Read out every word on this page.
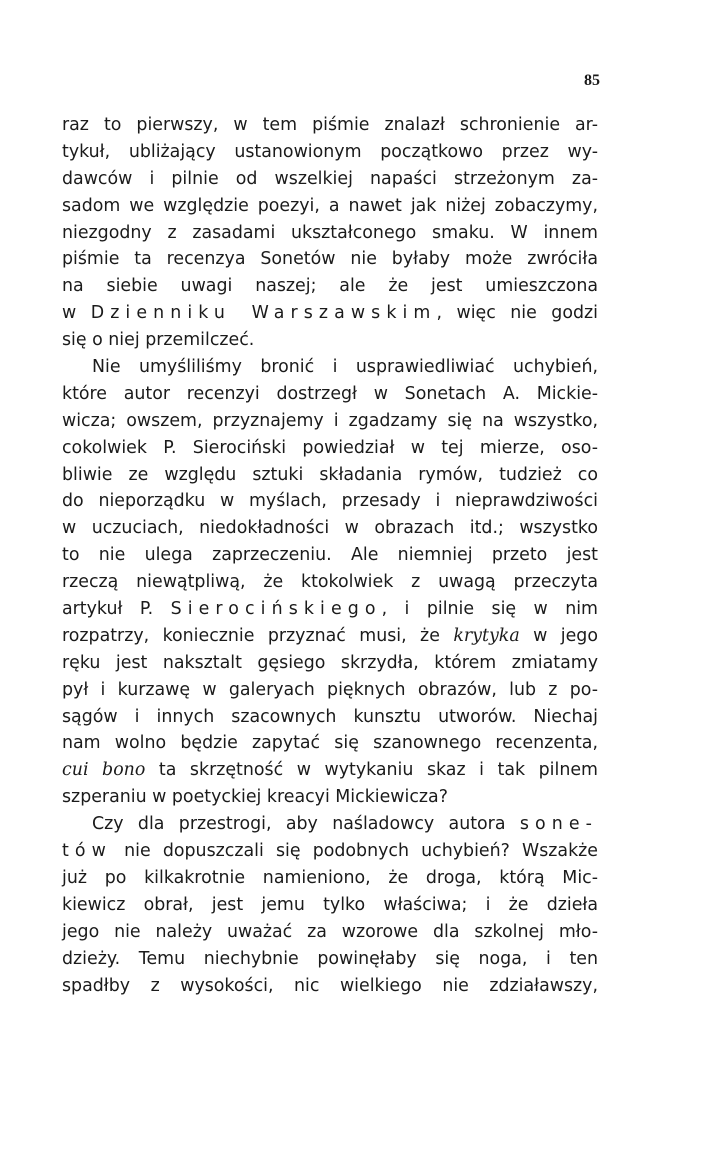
85
raz to pierwszy, w tem piśmie znalazł schronienie ar-
tykuł, ubliżający ustanowionym początkowo przez wy-
dawców i pilnie od wszelkiej napaści strzeżonym za-
sadom we względzie poezyi, a nawet jak niżej zobaczymy,
niezgodny z zasadami ukształconego smaku. W innem
piśmie ta recenzya Sonetów nie byłaby może zwróciła
na siebie uwagi naszej; ale że jest umieszczona
w Dzienniku Warszawskim, więc nie godzi
się o niej przemilczeć.
Nie umyśliliśmy bronić i usprawiedliwiać uchybień,
które autor recenzyi dostrzegł w Sonetach A. Mickie-
wicza; owszem, przyznajemy i zgadzamy się na wszystko,
cokolwiek P. Sierociński powiedział w tej mierze, oso-
bliwie ze względu sztuki składania rymów, tudzież co
do nieporządku w myślach, przesady i nieprawdziwości
w uczuciach, niedokładności w obrazach itd.; wszystko
to nie ulega zaprzeczeniu. Ale niemniej przeto jest
rzeczą niewątpliwą, że ktokolwiek z uwagą przeczyta
artykuł P. Sierocińskiego, i pilnie się w nim
rozpatrzy, koniecznie przyznać musi, że krytyka w jego
ręku jest naksztalt gęsiego skrzydła, którem zmiatamy
pył i kurzawę w galeryach pięknych obrazów, lub z po-
sągów i innych szacownych kunsztu utworów. Niechaj
nam wolno będzie zapytać się szanownego recenzenta,
cui bono ta skrzętność w wytykaniu skaz i tak pilnem
szperaniu w poetyckiej kreacyi Mickiewicza?
Czy dla przestrogi, aby naśladowcy autora sone-
tów nie dopuszczali się podobnych uchybień? Wszakże
już po kilkakrotnie namieniono, że droga, którą Mic-
kiewicz obrał, jest jemu tylko właściwa; i że dzieła
jego nie należy uważać za wzorowe dla szkolnej mło-
dzieży. Temu niechybnie powinęłaby się noga, i ten
spadłby z wysokości, nic wielkiego nie zdziaławszy,
